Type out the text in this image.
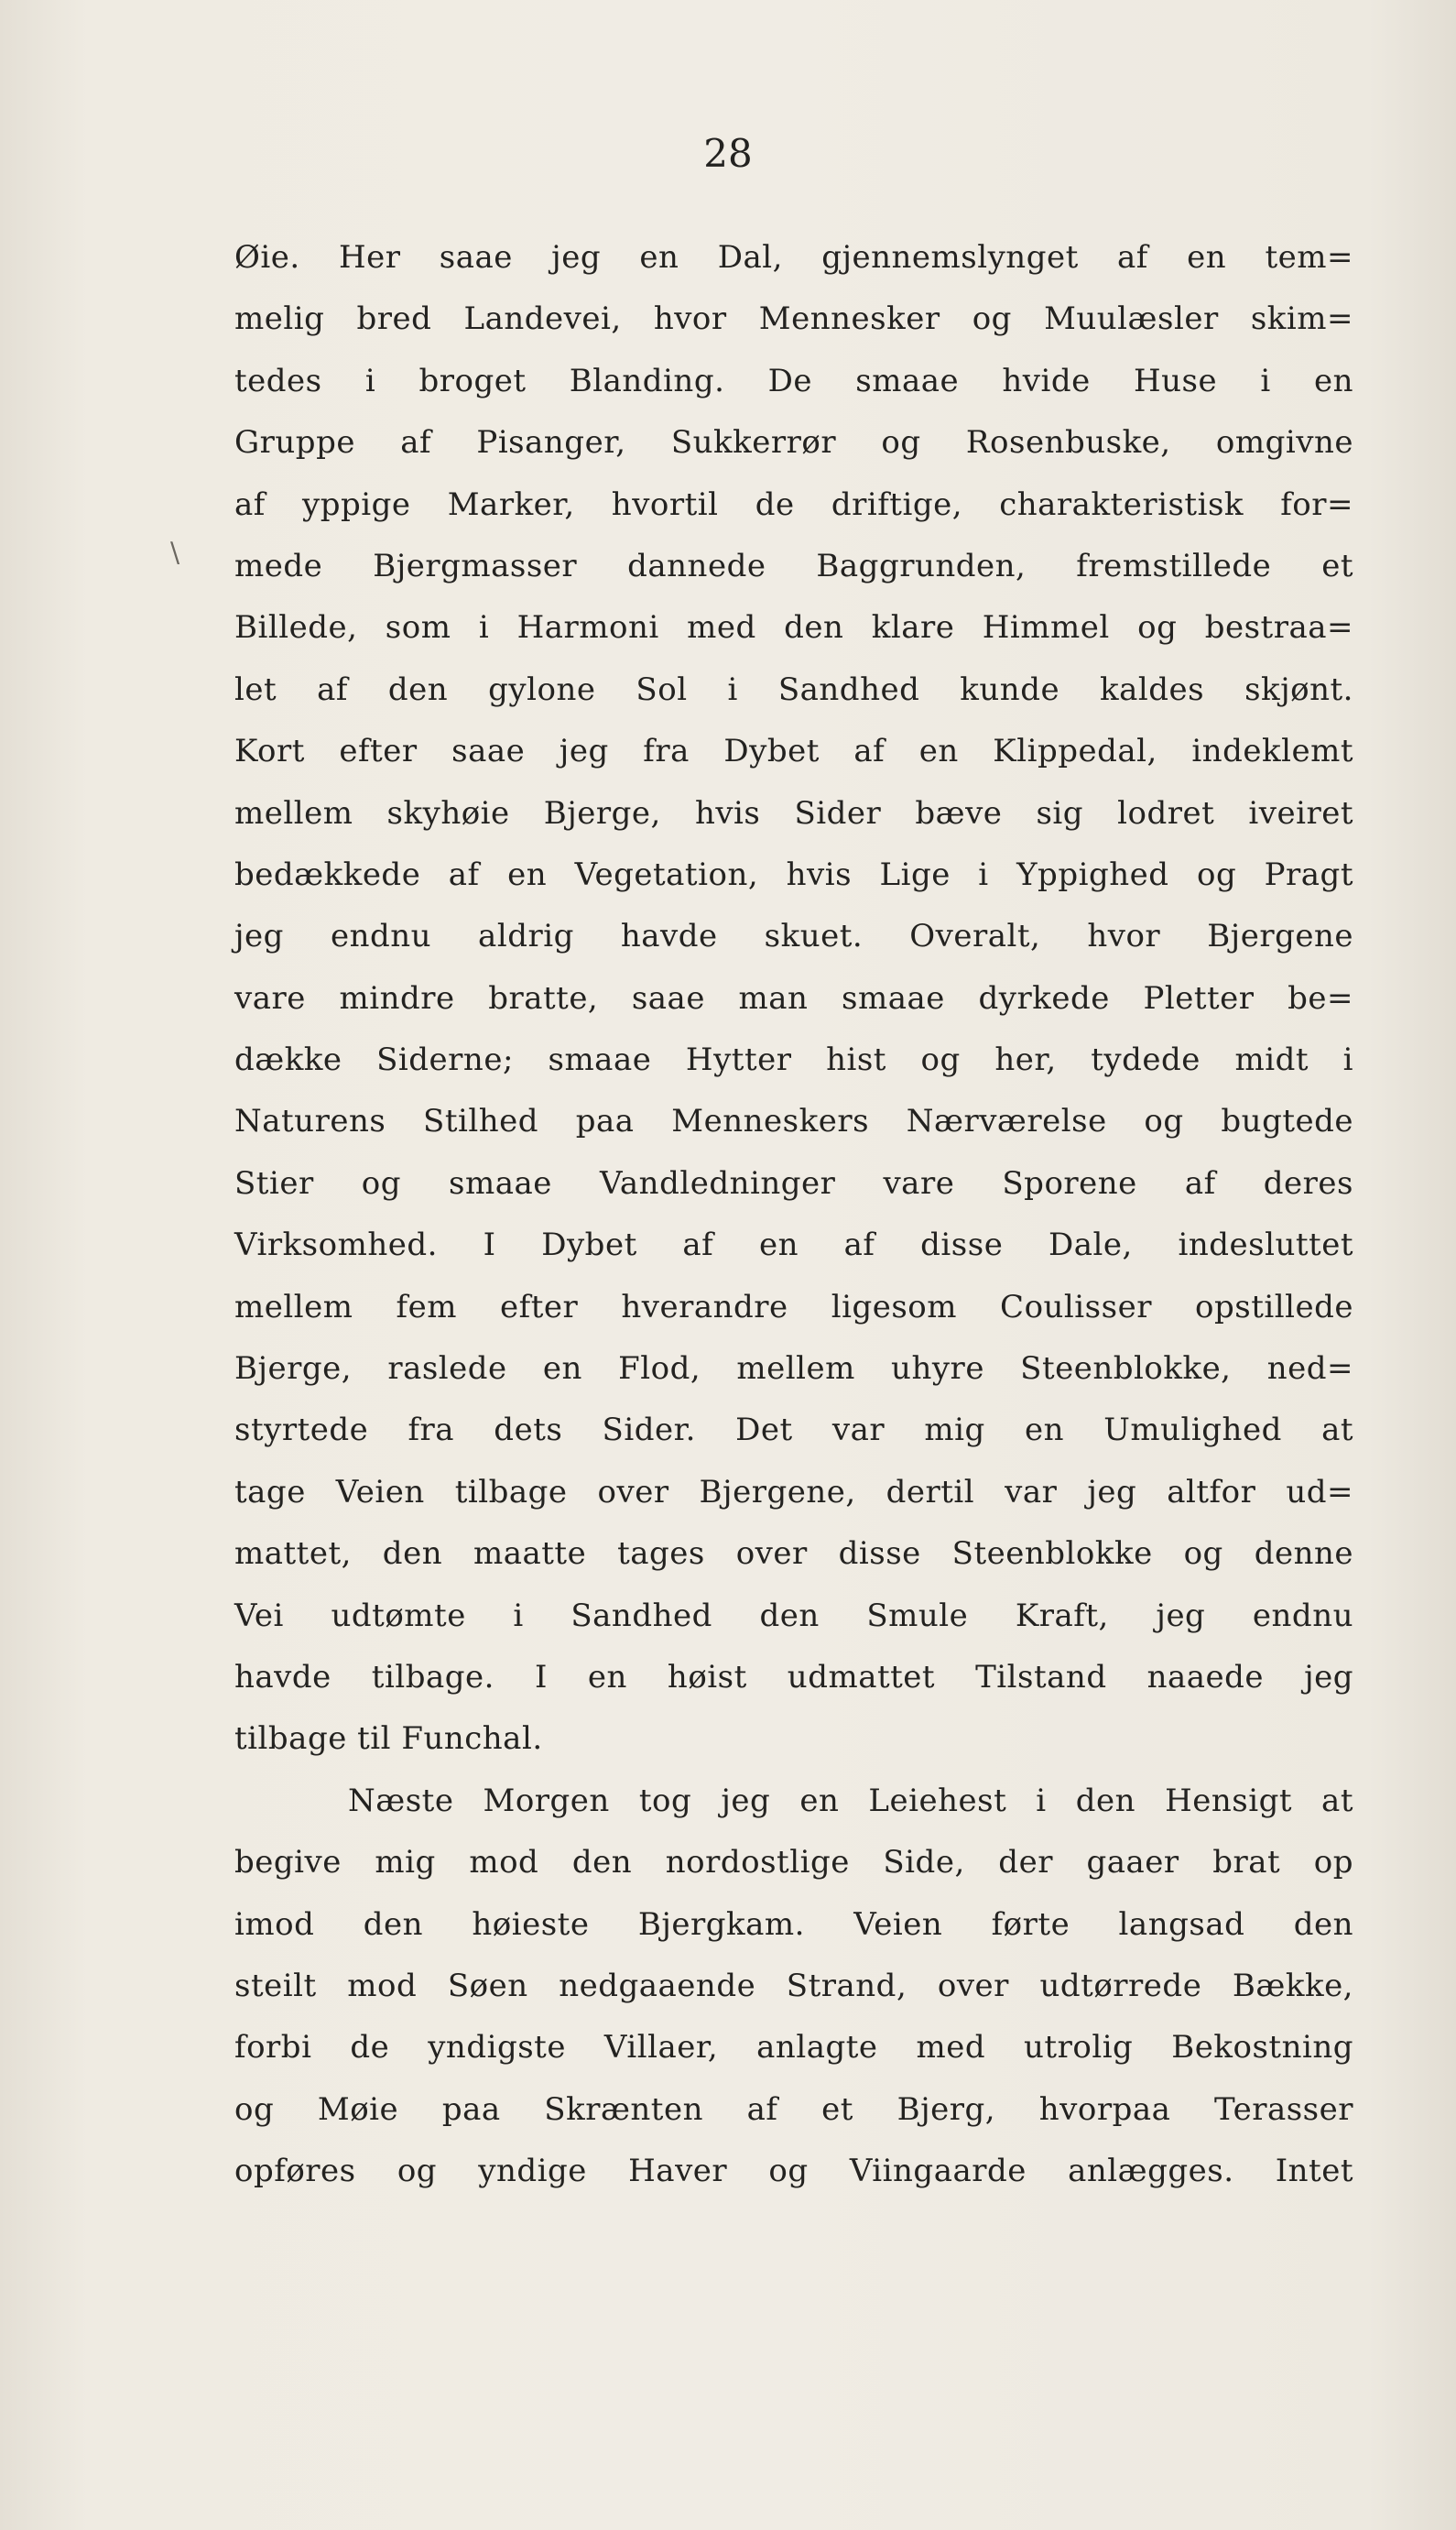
28
\
Øie. Her saae jeg en Dal, gjennemslynget af en tem=
melig bred Landevei, hvor Mennesker og Muulæsler skim=
tedes i broget Blanding. De smaae hvide Huse i en
Gruppe af Pisanger, Sukkerrør og Rosenbuske, omgivne
af yppige Marker, hvortil de driftige, charakteristisk for=
mede Bjergmasser dannede Baggrunden, fremstillede et
Billede, som i Harmoni med den klare Himmel og bestraa=
let af den gylone Sol i Sandhed kunde kaldes skjønt.
Kort efter saae jeg fra Dybet af en Klippedal, indeklemt
mellem skyhøie Bjerge, hvis Sider bæve sig lodret iveiret
bedækkede af en Vegetation, hvis Lige i Yppighed og Pragt
jeg endnu aldrig havde skuet. Overalt, hvor Bjergene
vare mindre bratte, saae man smaae dyrkede Pletter be=
dække Siderne; smaae Hytter hist og her, tydede midt i
Naturens Stilhed paa Menneskers Nærværelse og bugtede
Stier og smaae Vandledninger vare Sporene af deres
Virksomhed. I Dybet af en af disse Dale, indesluttet
mellem fem efter hverandre ligesom Coulisser opstillede
Bjerge, raslede en Flod, mellem uhyre Steenblokke, ned=
styrtede fra dets Sider. Det var mig en Umulighed at
tage Veien tilbage over Bjergene, dertil var jeg altfor ud=
mattet, den maatte tages over disse Steenblokke og denne
Vei udtømte i Sandhed den Smule Kraft, jeg endnu
havde tilbage. I en høist udmattet Tilstand naaede jeg
tilbage til Funchal.
Næste Morgen tog jeg en Leiehest i den Hensigt at
begive mig mod den nordostlige Side, der gaaer brat op
imod den høieste Bjergkam. Veien førte langsad den
steilt mod Søen nedgaaende Strand, over udtørrede Bække,
forbi de yndigste Villaer, anlagte med utrolig Bekostning
og Møie paa Skrænten af et Bjerg, hvorpaa Terasser
opføres og yndige Haver og Viingaarde anlægges. Intet
